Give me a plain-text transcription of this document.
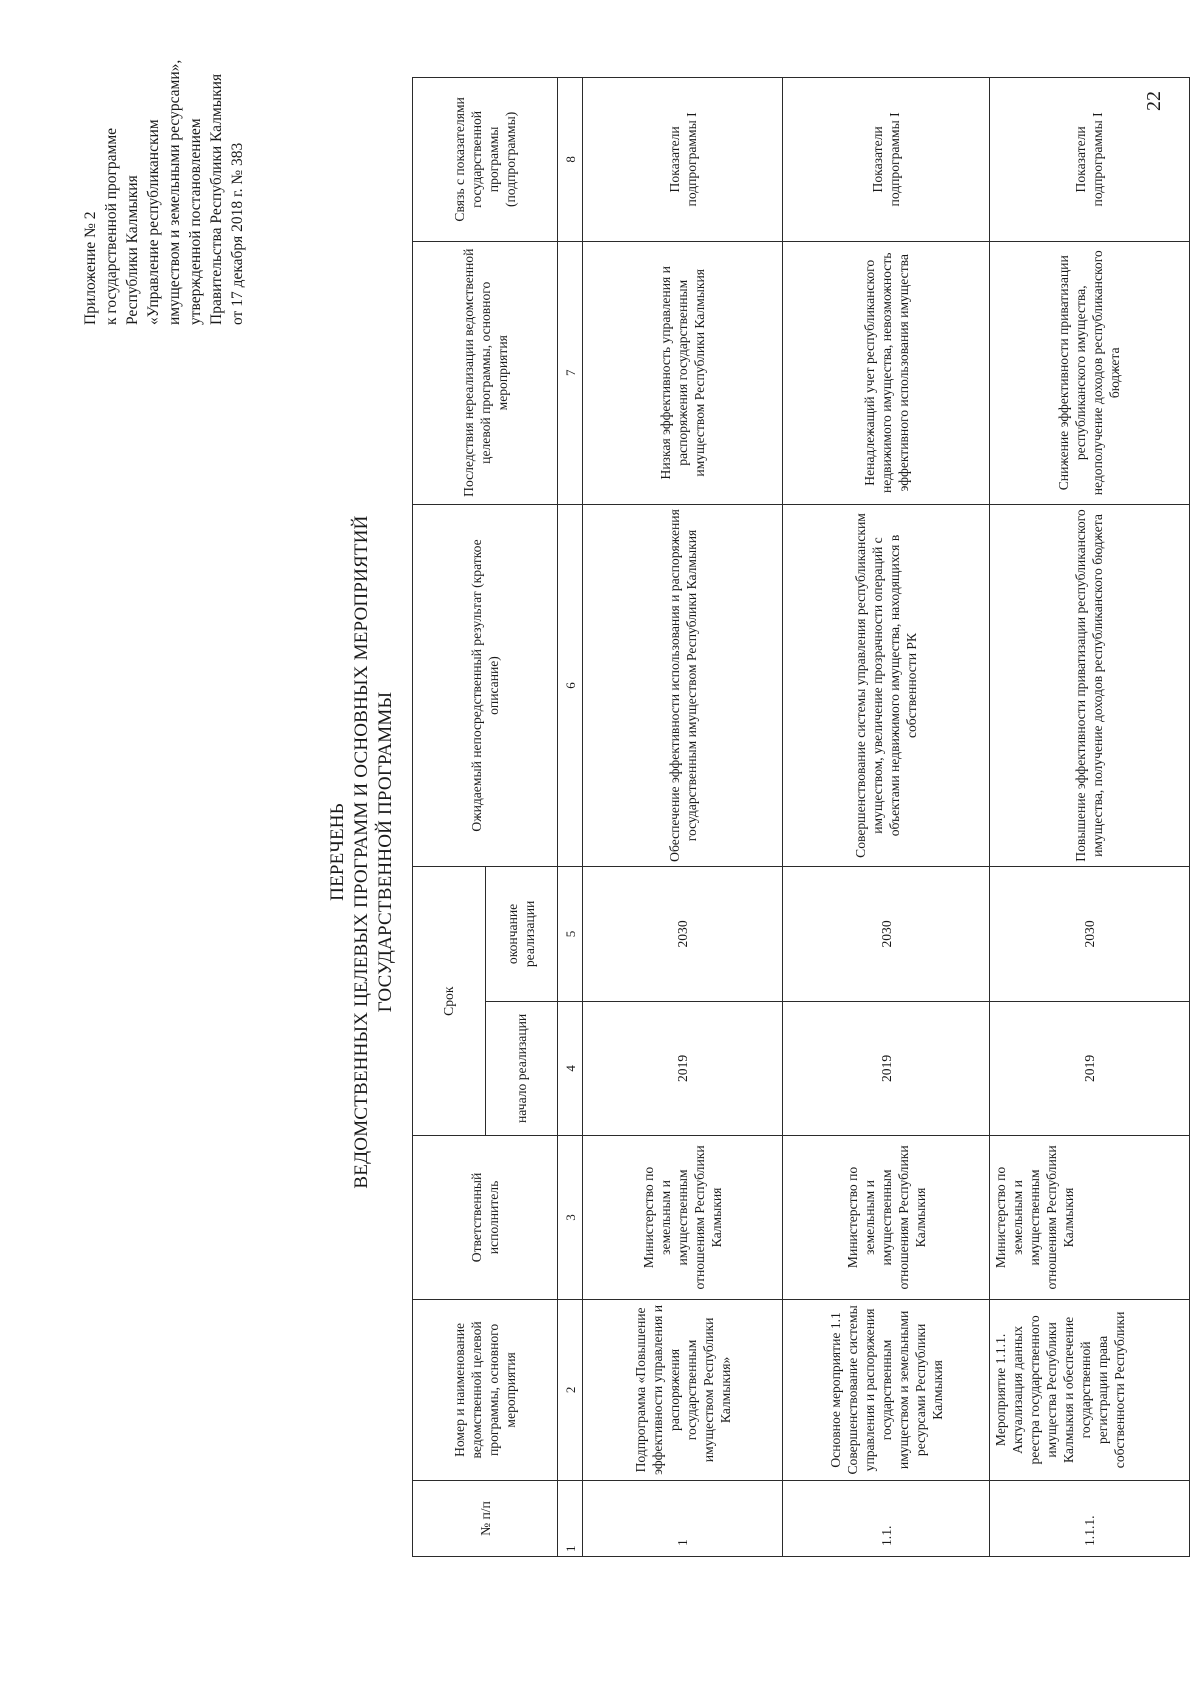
22
Приложение № 2 к государственной программе Республики Калмыкия «Управление республиканским имуществом и земельными ресурсами», утвержденной постановлением Правительства Республики Калмыкия от 17 декабря 2018 г. № 383
ПЕРЕЧЕНЬ ВЕДОМСТВЕННЫХ ЦЕЛЕВЫХ ПРОГРАММ И ОСНОВНЫХ МЕРОПРИЯТИЙ ГОСУДАРСТВЕННОЙ ПРОГРАММЫ
№ п/п	Номер и наименование ведомственной целевой программы, основного мероприятия	Ответственный исполнитель	Срок		Ожидаемый непосредственный результат (краткое описание)	Последствия нереализации ведомственной целевой программы, основного мероприятия	Связь с показателями государственной программы (подпрограммы)
			начало реализации	окончание реализации			
1	2	3	4	5	6	7	8
1	Подпрограмма «Повышение эффективности управления и распоряжения государственным имуществом Республики Калмыкия»	Министерство по земельным и имущественным отношениям Республики Калмыкия	2019	2030	Обеспечение эффективности использования и распоряжения государственным имуществом Республики Калмыкия	Низкая эффективность управления и распоряжения государственным имуществом Республики Калмыкия	Показатели подпрограммы I
1.1.	Основное мероприятие 1.1 Совершенствование системы управления и распоряжения государственным имуществом и земельными ресурсами Республики Калмыкия	Министерство по земельным и имущественным отношениям Республики Калмыкия	2019	2030	Совершенствование системы управления республиканским имуществом, увеличение прозрачности операций с объектами недвижимого имущества, находящихся в собственности РК	Ненадлежащий учет республиканского недвижимого имущества, невозможность эффективного использования имущества	Показатели подпрограммы I
1.1.1.	Мероприятие 1.1.1. Актуализация данных реестра государственного имущества Республики Калмыкия и обеспечение государственной регистрации права собственности Республики	Министерство по земельным и имущественным отношениям Республики Калмыкия	2019	2030	Повышение эффективности приватизации республиканского имущества, получение доходов республиканского бюджета	Снижение эффективности приватизации республиканского имущества, недополучение доходов республиканского бюджета	Показатели подпрограммы I
